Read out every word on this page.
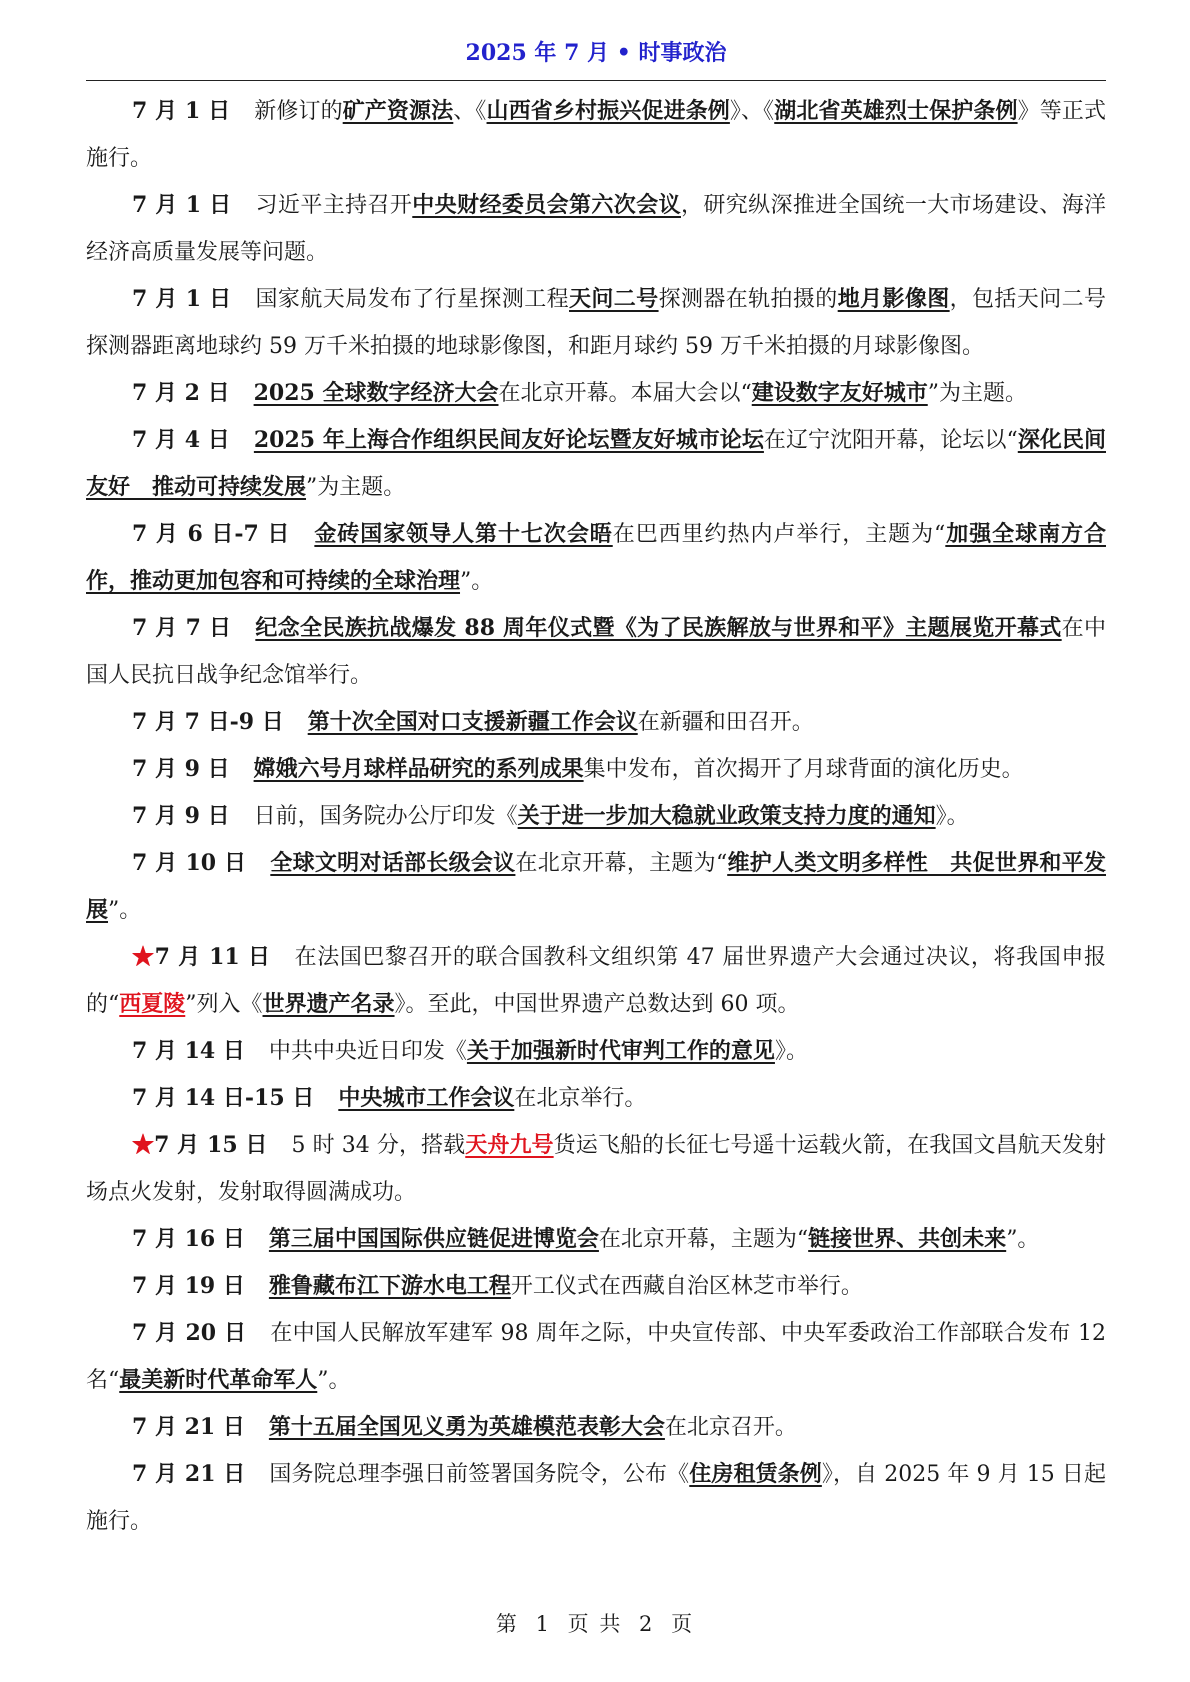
2025 年 7 月 • 时事政治

7 月 1 日 新修订的矿产资源法、《山西省乡村振兴促进条例》、《湖北省英雄烈士保护条例》等正式施行。

7 月 1 日 习近平主持召开中央财经委员会第六次会议，研究纵深推进全国统一大市场建设、海洋经济高质量发展等问题。

7 月 1 日 国家航天局发布了行星探测工程天问二号探测器在轨拍摄的地月影像图，包括天问二号探测器距离地球约 59 万千米拍摄的地球影像图，和距月球约 59 万千米拍摄的月球影像图。

7 月 2 日 2025 全球数字经济大会在北京开幕。本届大会以“建设数字友好城市”为主题。

7 月 4 日 2025 年上海合作组织民间友好论坛暨友好城市论坛在辽宁沈阳开幕，论坛以“深化民间友好　推动可持续发展”为主题。

7 月 6 日-7 日 金砖国家领导人第十七次会晤在巴西里约热内卢举行，主题为“加强全球南方合作，推动更加包容和可持续的全球治理”。

7 月 7 日 纪念全民族抗战爆发 88 周年仪式暨《为了民族解放与世界和平》主题展览开幕式在中国人民抗日战争纪念馆举行。

7 月 7 日-9 日 第十次全国对口支援新疆工作会议在新疆和田召开。

7 月 9 日 嫦娥六号月球样品研究的系列成果集中发布，首次揭开了月球背面的演化历史。

7 月 9 日 日前，国务院办公厅印发《关于进一步加大稳就业政策支持力度的通知》。

7 月 10 日 全球文明对话部长级会议在北京开幕，主题为“维护人类文明多样性　共促世界和平发展”。

★7 月 11 日 在法国巴黎召开的联合国教科文组织第 47 届世界遗产大会通过决议，将我国申报的“西夏陵”列入《世界遗产名录》。至此，中国世界遗产总数达到 60 项。

7 月 14 日 中共中央近日印发《关于加强新时代审判工作的意见》。

7 月 14 日-15 日 中央城市工作会议在北京举行。

★7 月 15 日 5 时 34 分，搭载天舟九号货运飞船的长征七号遥十运载火箭，在我国文昌航天发射场点火发射，发射取得圆满成功。

7 月 16 日 第三届中国国际供应链促进博览会在北京开幕，主题为“链接世界、共创未来”。

7 月 19 日 雅鲁藏布江下游水电工程开工仪式在西藏自治区林芝市举行。

7 月 20 日 在中国人民解放军建军 98 周年之际，中央宣传部、中央军委政治工作部联合发布 12 名“最美新时代革命军人”。

7 月 21 日 第十五届全国见义勇为英雄模范表彰大会在北京召开。

7 月 21 日 国务院总理李强日前签署国务院令，公布《住房租赁条例》，自 2025 年 9 月 15 日起施行。

第 1 页 共 2 页
